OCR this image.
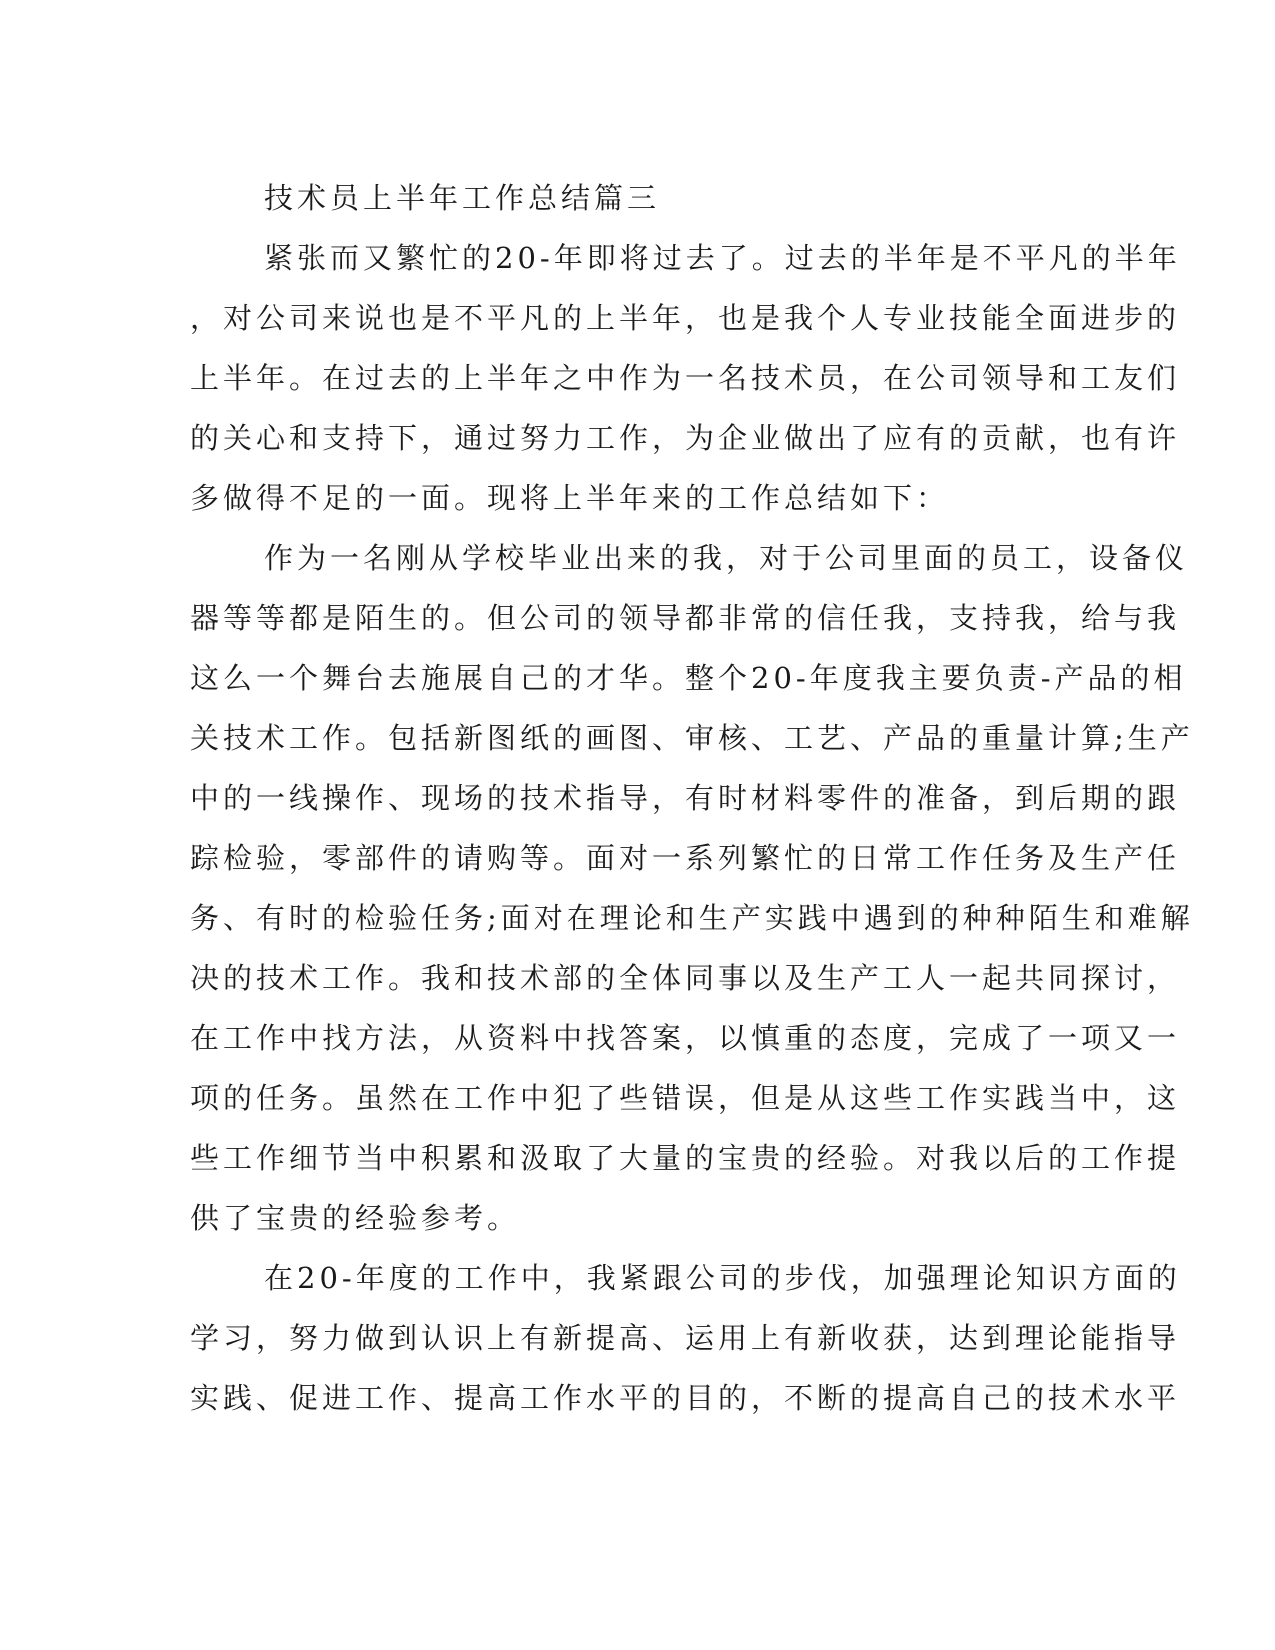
技术员上半年工作总结篇三
紧张而又繁忙的20-年即将过去了。过去的半年是不平凡的半年
，对公司来说也是不平凡的上半年，也是我个人专业技能全面进步的
上半年。在过去的上半年之中作为一名技术员，在公司领导和工友们
的关心和支持下，通过努力工作，为企业做出了应有的贡献，也有许
多做得不足的一面。现将上半年来的工作总结如下：
作为一名刚从学校毕业出来的我，对于公司里面的员工，设备仪
器等等都是陌生的。但公司的领导都非常的信任我，支持我，给与我
这么一个舞台去施展自己的才华。整个20-年度我主要负责-产品的相
关技术工作。包括新图纸的画图、审核、工艺、产品的重量计算;生产
中的一线操作、现场的技术指导，有时材料零件的准备，到后期的跟
踪检验，零部件的请购等。面对一系列繁忙的日常工作任务及生产任
务、有时的检验任务;面对在理论和生产实践中遇到的种种陌生和难解
决的技术工作。我和技术部的全体同事以及生产工人一起共同探讨，
在工作中找方法，从资料中找答案，以慎重的态度，完成了一项又一
项的任务。虽然在工作中犯了些错误，但是从这些工作实践当中，这
些工作细节当中积累和汲取了大量的宝贵的经验。对我以后的工作提
供了宝贵的经验参考。
在20-年度的工作中，我紧跟公司的步伐，加强理论知识方面的
学习，努力做到认识上有新提高、运用上有新收获，达到理论能指导
实践、促进工作、提高工作水平的目的，不断的提高自己的技术水平
